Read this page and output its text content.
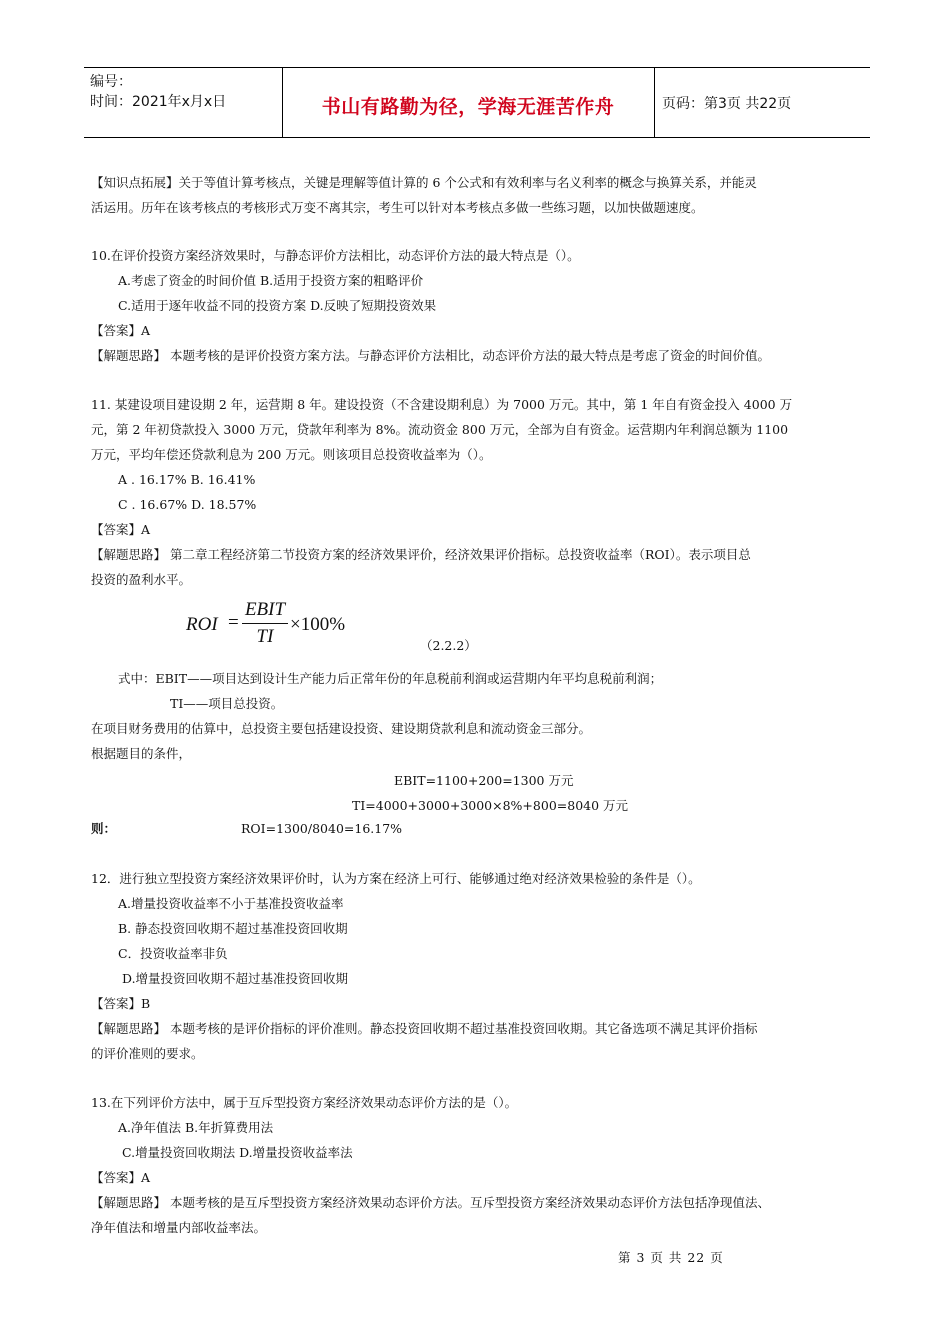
编号：
时间：2021年x月x日	书山有路勤为径，学海无涯苦作舟	页码：第3页 共22页
【知识点拓展】关于等值计算考核点，关键是理解等值计算的 6 个公式和有效利率与名义利率的概念与换算关系，并能灵
活运用。历年在该考核点的考核形式万变不离其宗，考生可以针对本考核点多做一些练习题，以加快做题速度。
10.在评价投资方案经济效果时，与静态评价方法相比，动态评价方法的最大特点是（）。
A.考虑了资金的时间价值 B.适用于投资方案的粗略评价
C.适用于逐年收益不同的投资方案 D.反映了短期投资效果
【答案】A
【解题思路】 本题考核的是评价投资方案方法。与静态评价方法相比，动态评价方法的最大特点是考虑了资金的时间价值。
11. 某建设项目建设期 2 年，运营期 8 年。建设投资（不含建设期利息）为 7000 万元。其中，第 1 年自有资金投入 4000 万
元，第 2 年初贷款投入 3000 万元，贷款年利率为 8%。流动资金 800 万元，全部为自有资金。运营期内年利润总额为 1100
万元，平均年偿还贷款利息为 200 万元。则该项目总投资收益率为（）。
A . 16.17% B. 16.41%
C . 16.67% D. 18.57%
【答案】A
【解题思路】 第二章工程经济第二节投资方案的经济效果评价，经济效果评价指标。总投资收益率（ROI）。表示项目总
投资的盈利水平。
ROI =
EBIT
TI
×100%
（2.2.2）
式中：EBIT——项目达到设计生产能力后正常年份的年息税前利润或运营期内年平均息税前利润；
TI——项目总投资。
在项目财务费用的估算中，总投资主要包括建设投资、建设期贷款利息和流动资金三部分。
根据题目的条件，
EBIT=1100+200=1300 万元
TI=4000+3000+3000×8%+800=8040 万元
则：	ROI=1300/8040=16.17%
12．进行独立型投资方案经济效果评价时，认为方案在经济上可行、能够通过绝对经济效果检验的条件是（）。
A.增量投资收益率不小于基准投资收益率
B. 静态投资回收期不超过基准投资回收期
C．投资收益率非负
D.增量投资回收期不超过基准投资回收期
【答案】B
【解题思路】 本题考核的是评价指标的评价准则。静态投资回收期不超过基准投资回收期。其它备选项不满足其评价指标
的评价准则的要求。
13.在下列评价方法中，属于互斥型投资方案经济效果动态评价方法的是（）。
A.净年值法 B.年折算费用法
C.增量投资回收期法 D.增量投资收益率法
【答案】A
【解题思路】 本题考核的是互斥型投资方案经济效果动态评价方法。互斥型投资方案经济效果动态评价方法包括净现值法、
净年值法和增量内部收益率法。
第 3 页 共 22 页
